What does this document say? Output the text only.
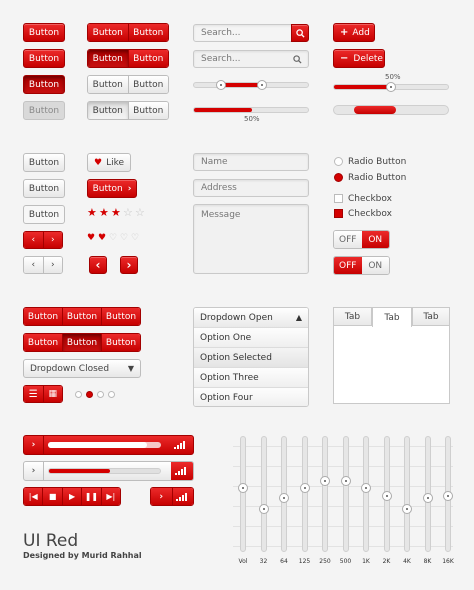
Button
Button
Button
Button
Button	Button
Button	Button
Button	Button
Button	Button
Search...
Search...
50%
+ Add
− Delete
50%
Button
Button
Button
‹	›
‹	›
♥ Like
Button ›
★ ★ ★ ☆ ☆
♥ ♥ ♡ ♡ ♡
‹ ›
Name
Address
Message
Radio Button
Radio Button
Checkbox
Checkbox
OFF	ON
OFF	ON
Button Button Button
Button Button Button
Dropdown Closed ▼
☰	▦
Dropdown Open	▲
Option One
Option Selected
Option Three
Option Four
Tab	Tab	Tab
›
›
|◀	■	▶	❚❚	▶|	›
UI Red
Designed by Murid Rahhal
Vol	32	64	125	250	500	1K	2K	4K	8K	16K
